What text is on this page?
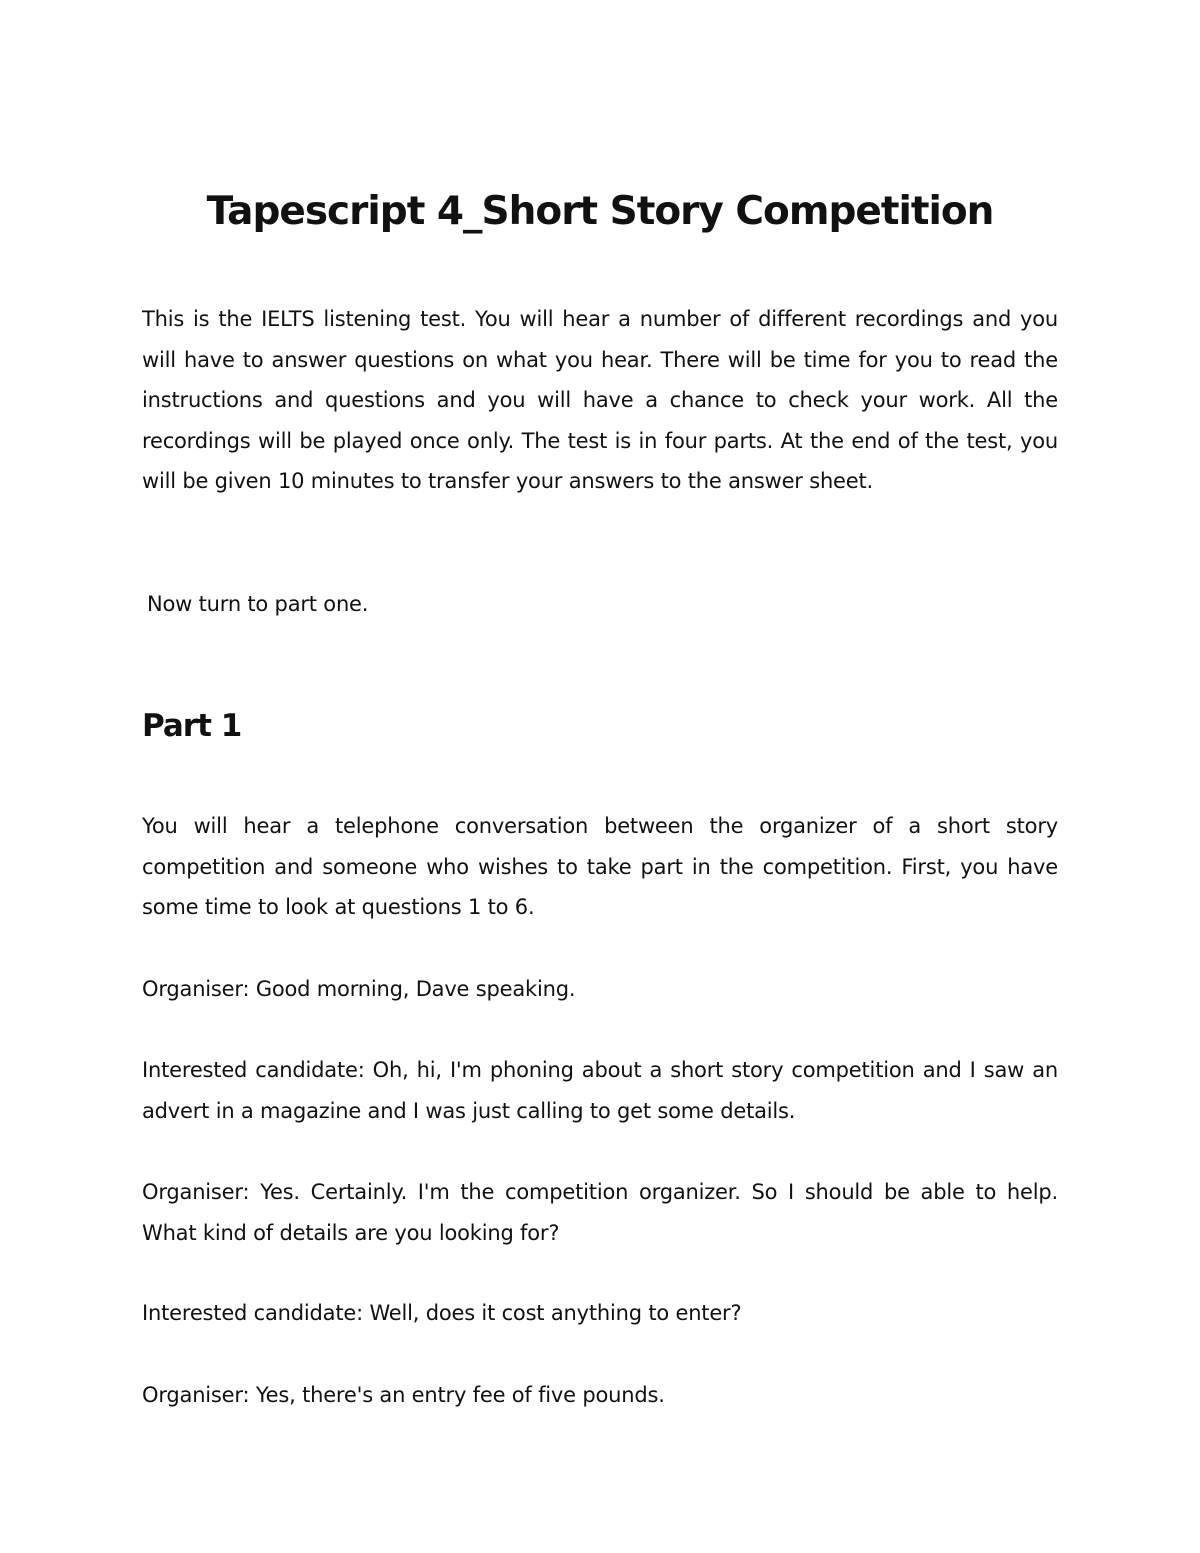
Tapescript 4_Short Story Competition

This is the IELTS listening test. You will hear a number of different recordings and you will have to answer questions on what you hear. There will be time for you to read the instructions and questions and you will have a chance to check your work. All the recordings will be played once only. The test is in four parts. At the end of the test, you will be given 10 minutes to transfer your answers to the answer sheet.

Now turn to part one.

Part 1

You will hear a telephone conversation between the organizer of a short story competition and someone who wishes to take part in the competition. First, you have some time to look at questions 1 to 6.

Organiser: Good morning, Dave speaking.

Interested candidate: Oh, hi, I'm phoning about a short story competition and I saw an advert in a magazine and I was just calling to get some details.

Organiser: Yes. Certainly. I'm the competition organizer. So I should be able to help. What kind of details are you looking for?

Interested candidate: Well, does it cost anything to enter?

Organiser: Yes, there's an entry fee of five pounds.
